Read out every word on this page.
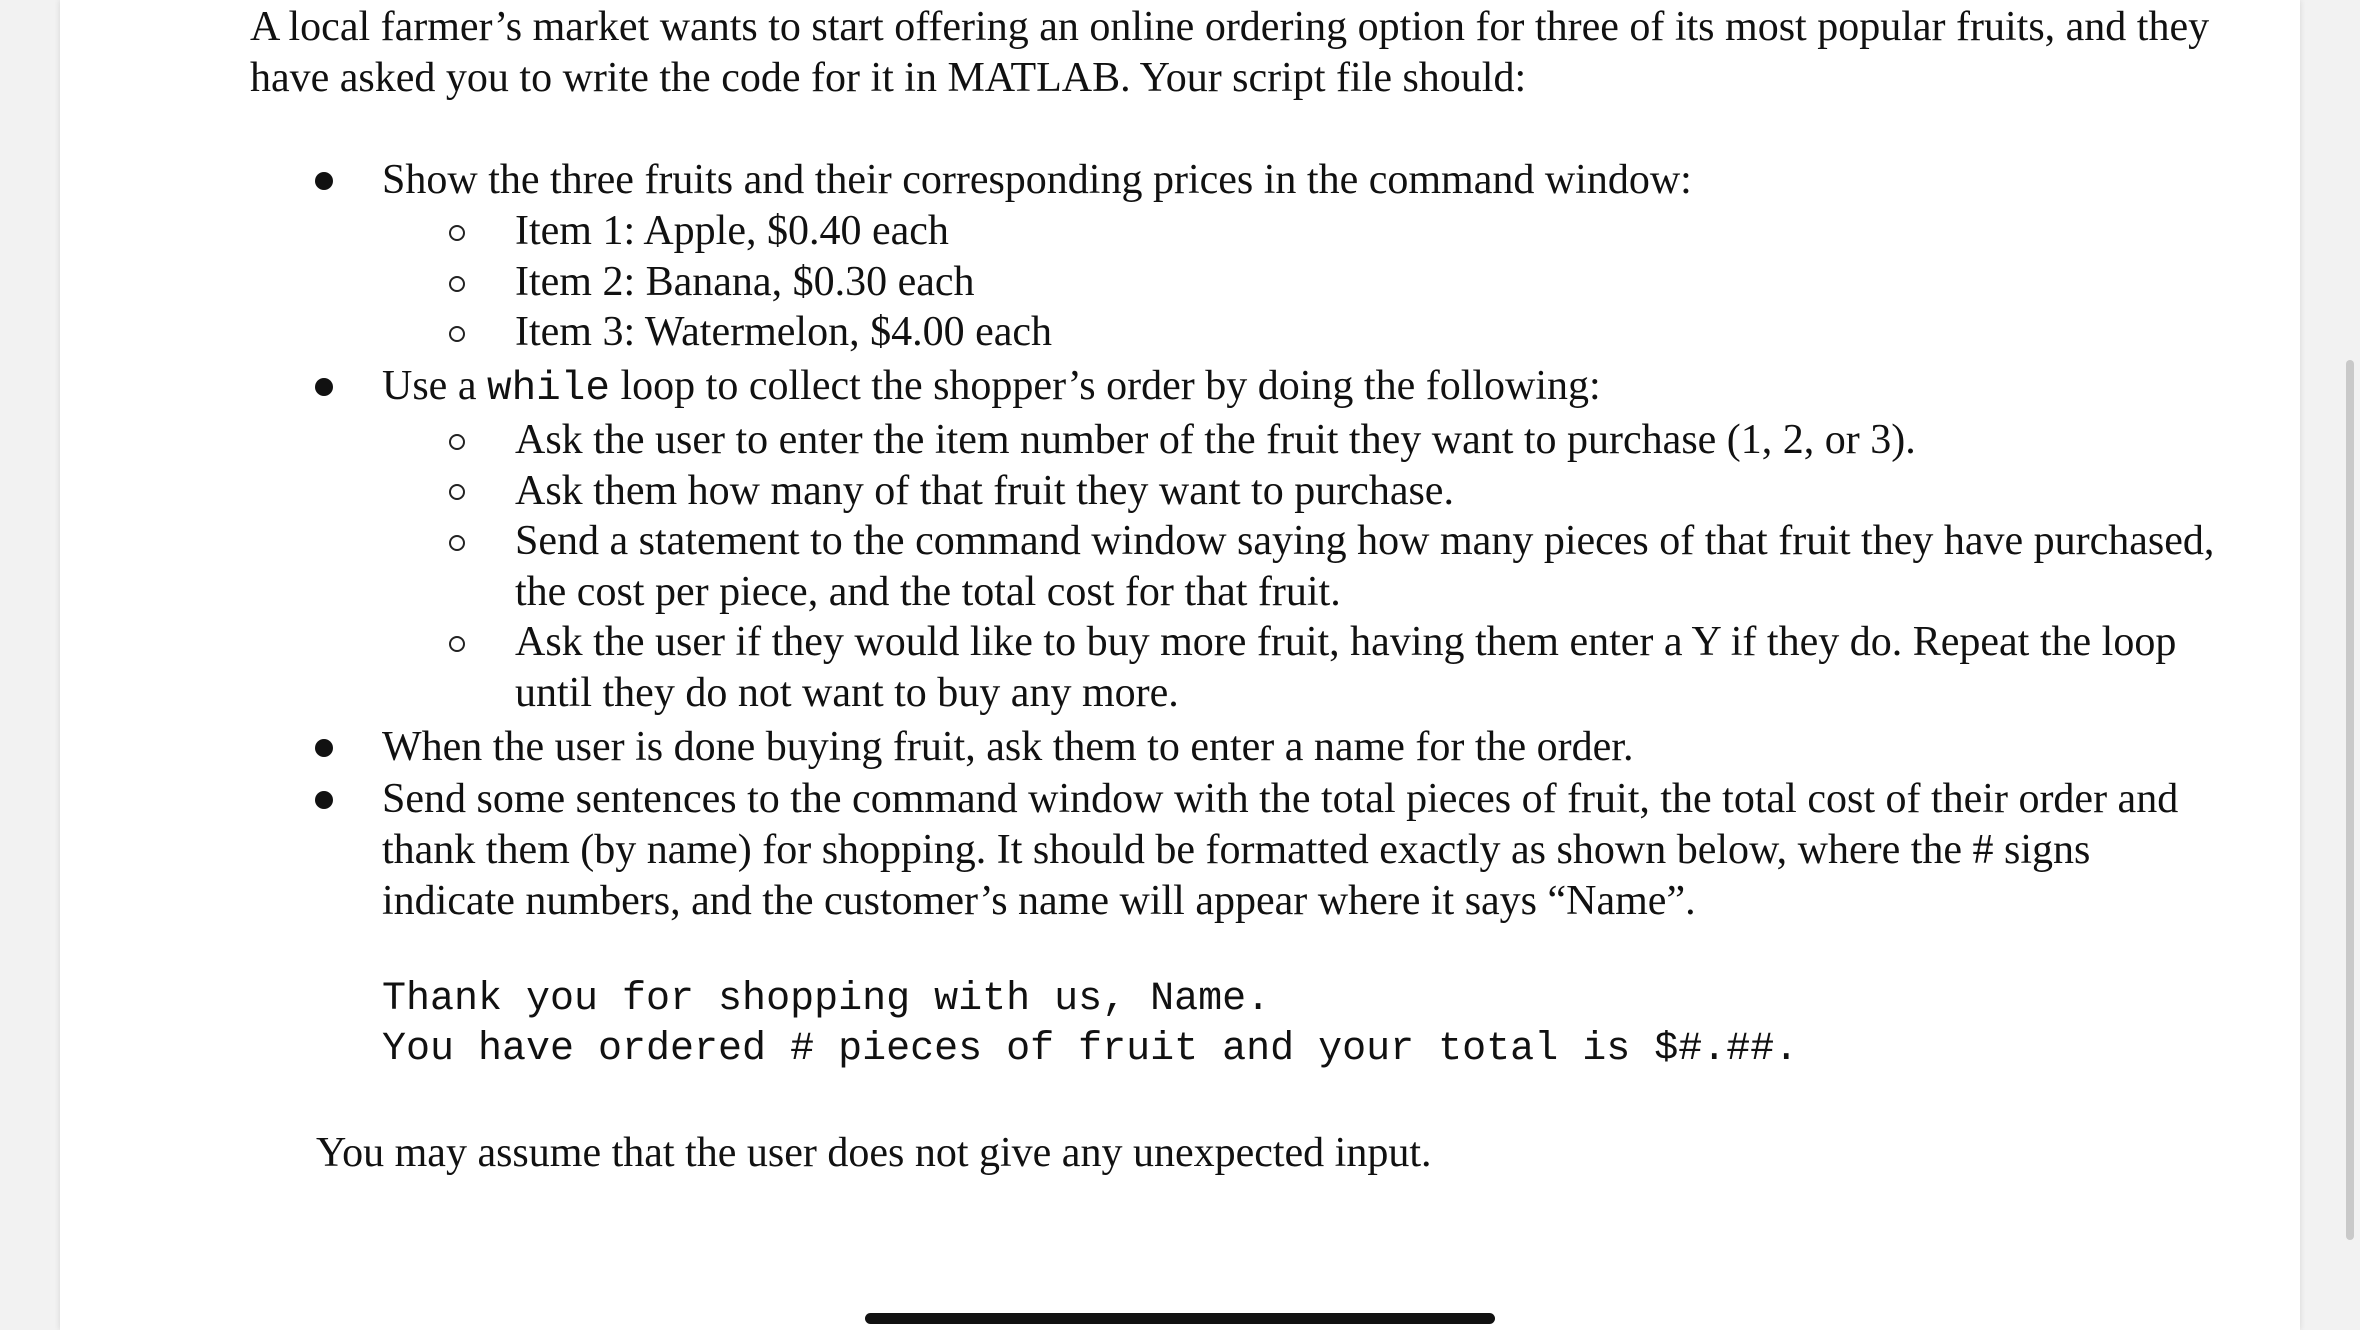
A local farmer’s market wants to start offering an online ordering option for three of its most popular fruits, and they have asked you to write the code for it in MATLAB. Your script file should:
Show the three fruits and their corresponding prices in the command window:
Item 1: Apple, $0.40 each
Item 2: Banana, $0.30 each
Item 3: Watermelon, $4.00 each
Use a while loop to collect the shopper’s order by doing the following:
Ask the user to enter the item number of the fruit they want to purchase (1, 2, or 3).
Ask them how many of that fruit they want to purchase.
Send a statement to the command window saying how many pieces of that fruit they have purchased, the cost per piece, and the total cost for that fruit.
Ask the user if they would like to buy more fruit, having them enter a Y if they do. Repeat the loop until they do not want to buy any more.
When the user is done buying fruit, ask them to enter a name for the order.
Send some sentences to the command window with the total pieces of fruit, the total cost of their order and thank them (by name) for shopping. It should be formatted exactly as shown below, where the # signs indicate numbers, and the customer’s name will appear where it says “Name”.
Thank you for shopping with us, Name.
You have ordered # pieces of fruit and your total is $#.##.
You may assume that the user does not give any unexpected input.
